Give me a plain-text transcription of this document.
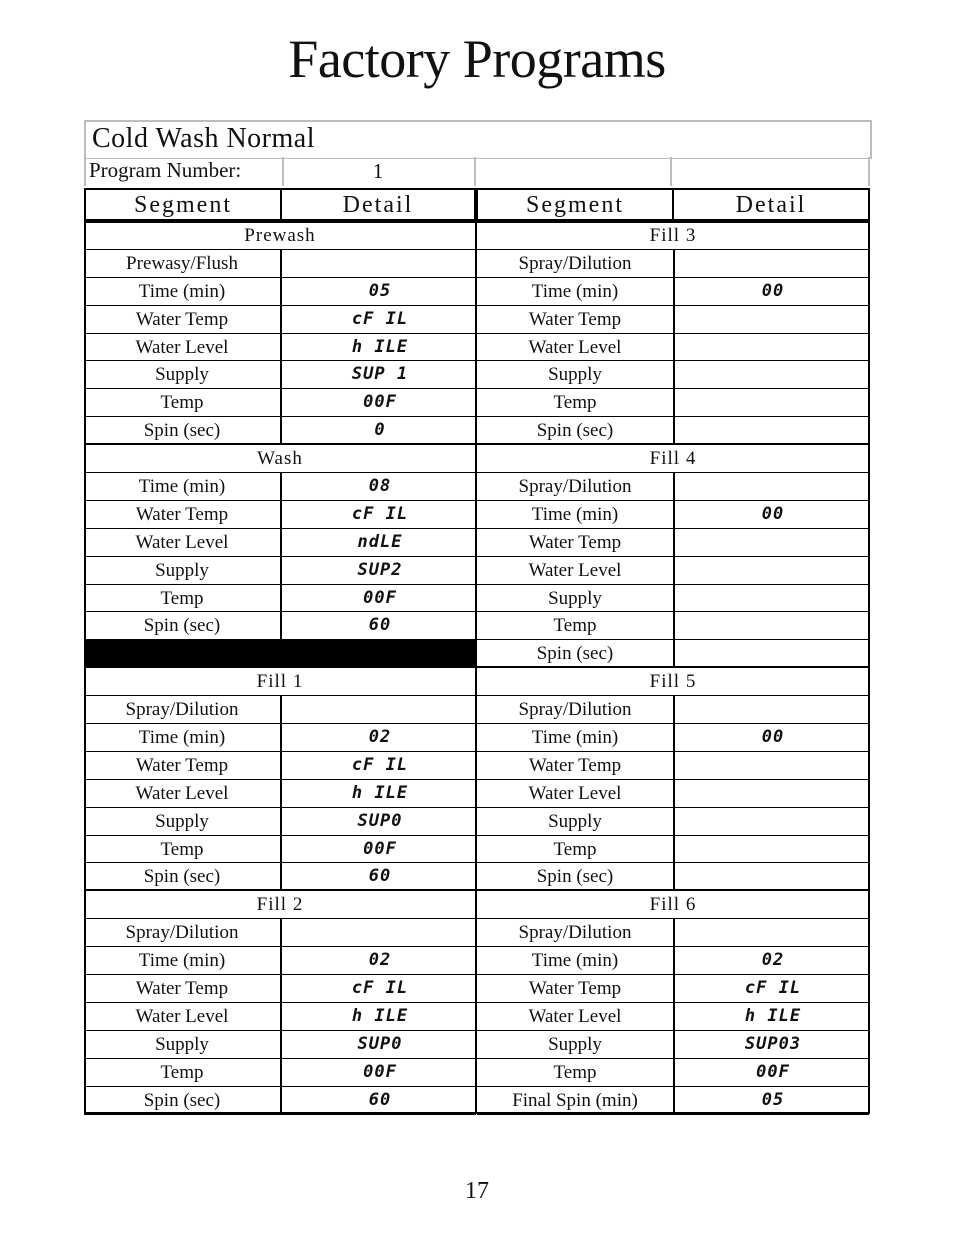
Factory Programs
Cold Wash Normal
Program Number:	1
Segment	Detail	Segment	Detail
Prewash
Prewasy/Flush
Time (min)	05
Water Temp	cF IL
Water Level	h ILE
Supply	SUP 1
Temp	00F
Spin (sec)	0
Wash
Time (min)	08
Water Temp	cF IL
Water Level	ndLE
Supply	SUP2
Temp	00F
Spin (sec)	60
Fill 1
Spray/Dilution
Time (min)	02
Water Temp	cF IL
Water Level	h ILE
Supply	SUP0
Temp	00F
Spin (sec)	60
Fill 2
Spray/Dilution
Time (min)	02
Water Temp	cF IL
Water Level	h ILE
Supply	SUP0
Temp	00F
Spin (sec)	60
Fill 3
Spray/Dilution
Time (min)	00
Water Temp
Water Level
Supply
Temp
Spin (sec)
Fill 4
Spray/Dilution
Time (min)	00
Water Temp
Water Level
Supply
Temp
Spin (sec)
Fill 5
Spray/Dilution
Time (min)	00
Water Temp
Water Level
Supply
Temp
Spin (sec)
Fill 6
Spray/Dilution
Time (min)	02
Water Temp	cF IL
Water Level	h ILE
Supply	SUP03
Temp	00F
Final Spin (min)	05
17
